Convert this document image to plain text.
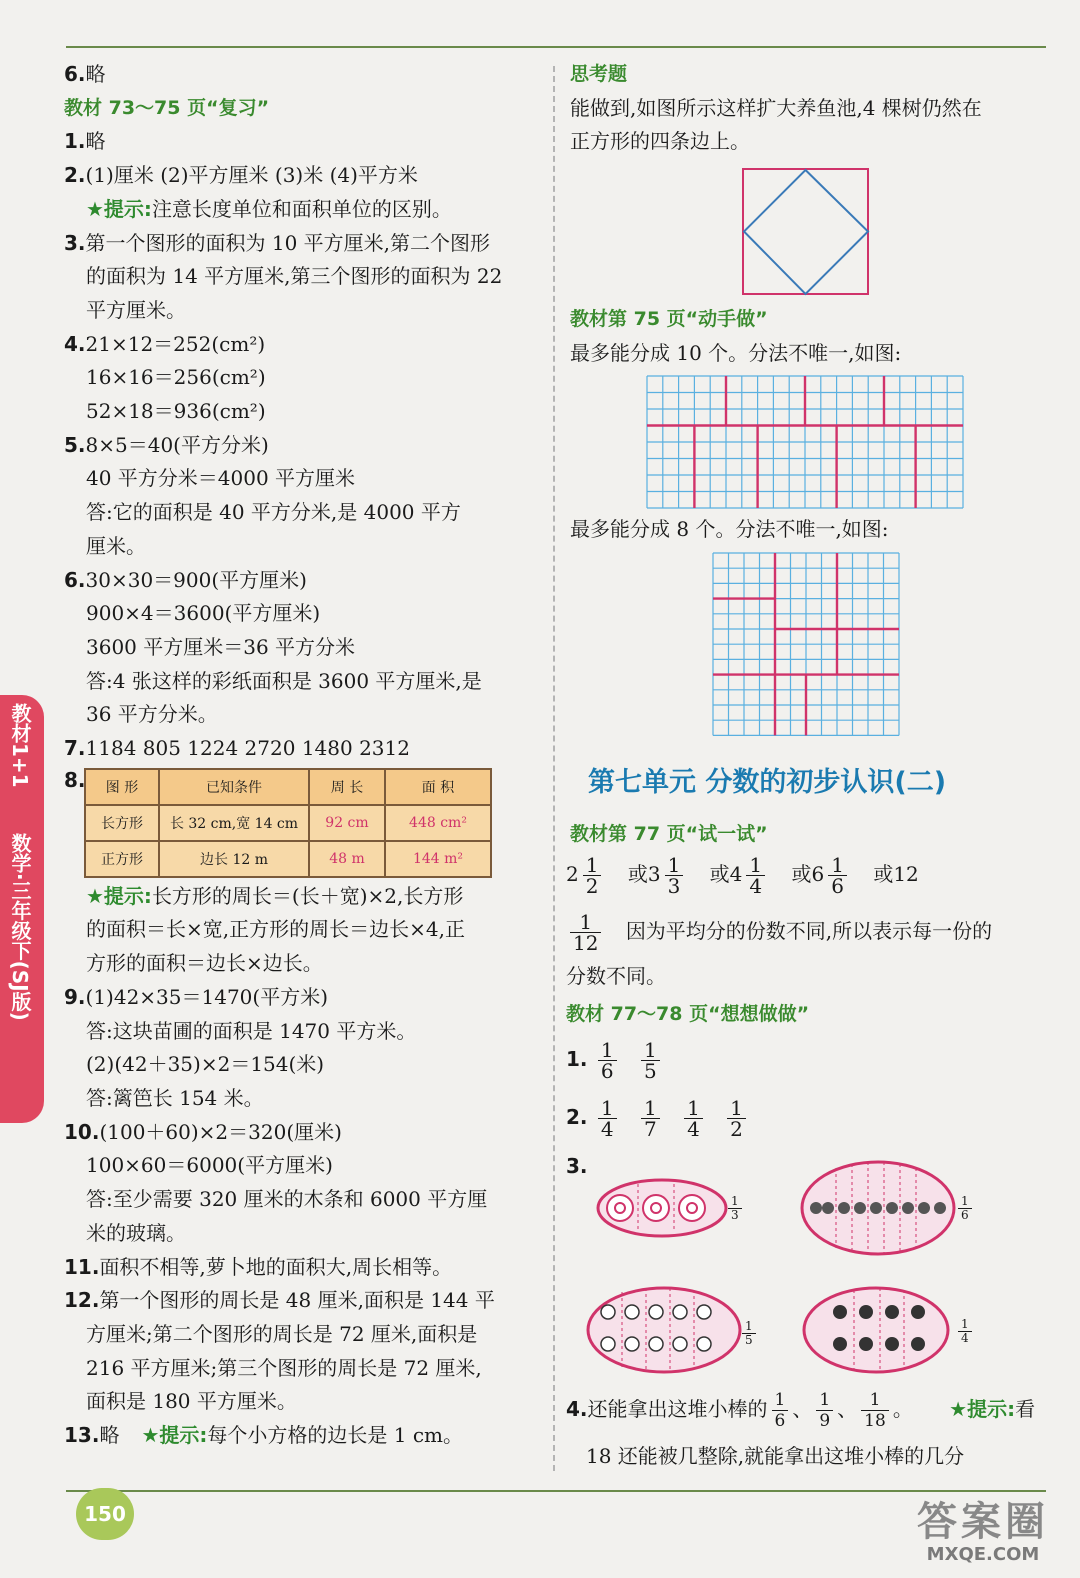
6.略
教材 73～75 页“复习”
1.略
2.(1)厘米 (2)平方厘米 (3)米 (4)平方米
★提示:注意长度单位和面积单位的区别。
3.第一个图形的面积为 10 平方厘米,第二个图形
的面积为 14 平方厘米,第三个图形的面积为 22
平方厘米。
4.21×12＝252(cm²)
16×16＝256(cm²)
52×18＝936(cm²)
5.8×5＝40(平方分米)
40 平方分米＝4000 平方厘米
答:它的面积是 40 平方分米,是 4000 平方
厘米。
6.30×30＝900(平方厘米)
900×4＝3600(平方厘米)
3600 平方厘米＝36 平方分米
答:4 张这样的彩纸面积是 3600 平方厘米,是
36 平方分米。
7.1184 805 1224 2720 1480 2312
8. 图 形	已知条件	周 长	面 积
长方形	长 32 cm,宽 14 cm	92 cm	448 cm²
正方形	边长 12 m	48 m	144 m²
★提示:长方形的周长＝(长＋宽)×2,长方形
的面积＝长×宽,正方形的周长＝边长×4,正
方形的面积＝边长×边长。
9.(1)42×35＝1470(平方米)
答:这块苗圃的面积是 1470 平方米。
(2)(42＋35)×2＝154(米)
答:篱笆长 154 米。
10.(100＋60)×2＝320(厘米)
100×60＝6000(平方厘米)
答:至少需要 320 厘米的木条和 6000 平方厘
米的玻璃。
11.面积不相等,萝卜地的面积大,周长相等。
12.第一个图形的周长是 48 厘米,面积是 144 平
方厘米;第二个图形的周长是 72 厘米,面积是
216 平方厘米;第三个图形的周长是 72 厘米,
面积是 180 平方厘米。
13.略 ★提示:每个小方格的边长是 1 cm。
思考题
能做到,如图所示这样扩大养鱼池,4 棵树仍然在
正方形的四条边上。
教材第 75 页“动手做”
最多能分成 10 个。分法不唯一,如图:
最多能分成 8 个。分法不唯一,如图:
第七单元 分数的初步认识(二)
教材第 77 页“试一试”
$2 \frac{1}{2}$ 或$3 \frac{1}{3}$ 或$4 \frac{1}{4}$ 或$6 \frac{1}{6}$ 或12
$\frac{1}{12}$ 因为平均分的份数不同,所以表示每一份的
分数不同。
教材 77～78 页“想想做做”
1. $\frac{1}{6}$
$\frac{1}{5}$
2. $\frac{1}{4}$
$\frac{1}{7}$
$\frac{1}{4}$
$\frac{1}{2}$
3.
$\frac{1}{3}$	$\frac{1}{6}$
$\frac{1}{5}$	$\frac{1}{4}$
4.还能拿出这堆小棒的 $\frac{1}{6}$ 、 $\frac{1}{9}$ 、 $\frac{1}{18}$ 。 ★提示:看
18 还能被几整除,就能拿出这堆小棒的几分
教材1+1
数学·三年级下(SJ版)
150	答案圈
MXQE.COM
